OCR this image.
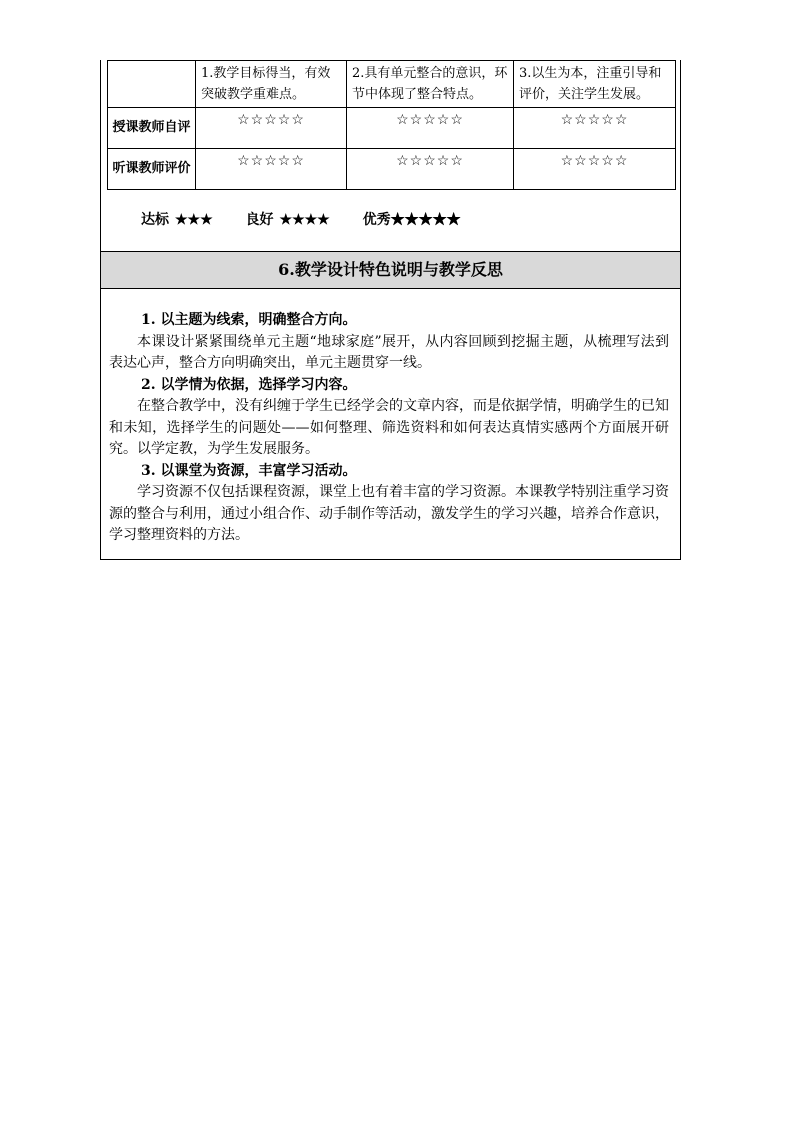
	1.教学目标得当，有效突破教学重难点。	2.具有单元整合的意识，环节中体现了整合特点。	3.以生为本，注重引导和评价，关注学生发展。
授课教师自评	☆☆☆☆☆	☆☆☆☆☆	☆☆☆☆☆
听课教师评价	☆☆☆☆☆	☆☆☆☆☆	☆☆☆☆☆
达标 ★★★ 良好 ★★★★ 优秀★★★★★
6.教学设计特色说明与教学反思

1. 以主题为线索，明确整合方向。

本课设计紧紧围绕单元主题“地球家庭”展开，从内容回顾到挖掘主题，从梳理写法到表达心声，整合方向明确突出，单元主题贯穿一线。

2. 以学情为依据，选择学习内容。

在整合教学中，没有纠缠于学生已经学会的文章内容，而是依据学情，明确学生的已知和未知，选择学生的问题处——如何整理、筛选资料和如何表达真情实感两个方面展开研究。以学定教，为学生发展服务。

3. 以课堂为资源，丰富学习活动。

学习资源不仅包括课程资源，课堂上也有着丰富的学习资源。本课教学特别注重学习资源的整合与利用，通过小组合作、动手制作等活动，激发学生的学习兴趣，培养合作意识，学习整理资料的方法。
